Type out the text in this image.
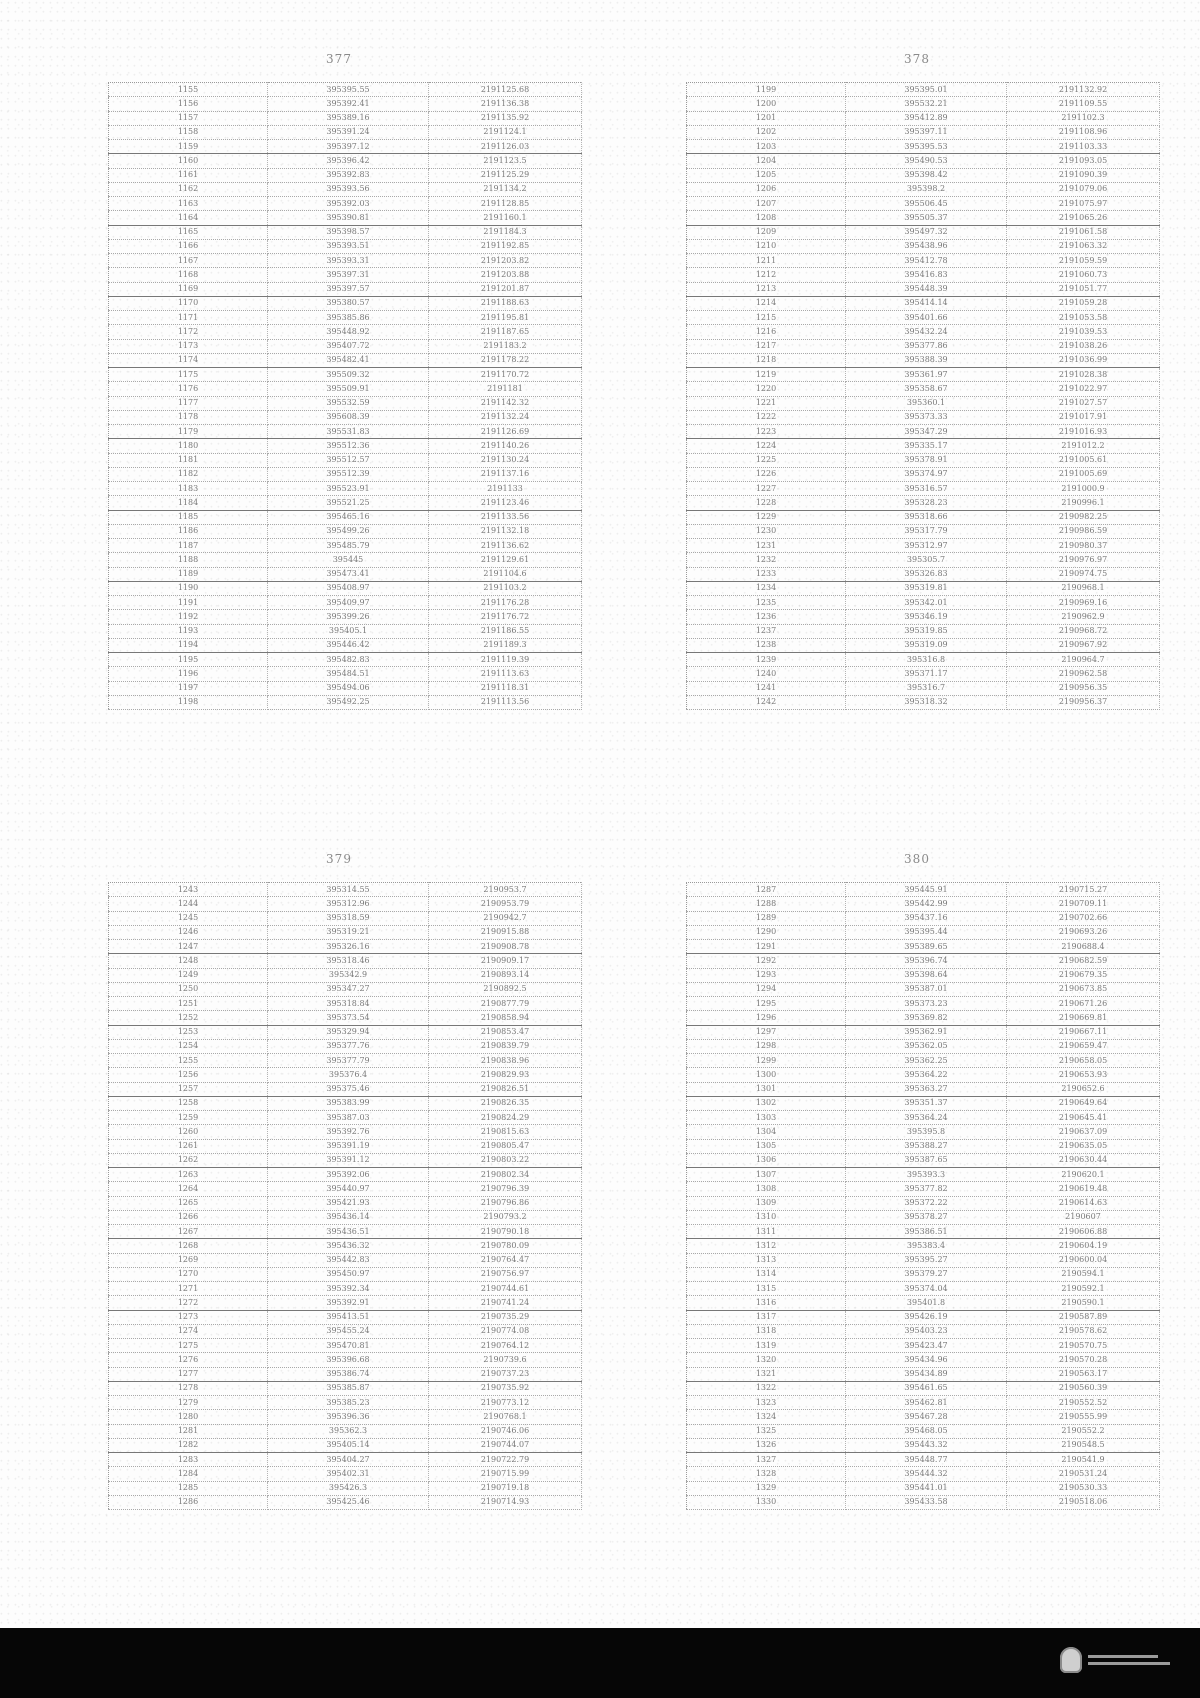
377
1155	395395.55	2191125.68
1156	395392.41	2191136.38
1157	395389.16	2191135.92
1158	395391.24	2191124.1
1159	395397.12	2191126.03
1160	395396.42	2191123.5
1161	395392.83	2191125.29
1162	395393.56	2191134.2
1163	395392.03	2191128.85
1164	395390.81	2191160.1
1165	395398.57	2191184.3
1166	395393.51	2191192.85
1167	395393.31	2191203.82
1168	395397.31	2191203.88
1169	395397.57	2191201.87
1170	395380.57	2191188.63
1171	395385.86	2191195.81
1172	395448.92	2191187.65
1173	395407.72	2191183.2
1174	395482.41	2191178.22
1175	395509.32	2191170.72
1176	395509.91	2191181
1177	395532.59	2191142.32
1178	395608.39	2191132.24
1179	395531.83	2191126.69
1180	395512.36	2191140.26
1181	395512.57	2191130.24
1182	395512.39	2191137.16
1183	395523.91	2191133
1184	395521.25	2191123.46
1185	395465.16	2191133.56
1186	395499.26	2191132.18
1187	395485.79	2191136.62
1188	395445	2191129.61
1189	395473.41	2191104.6
1190	395408.97	2191103.2
1191	395409.97	2191176.28
1192	395399.26	2191176.72
1193	395405.1	2191186.55
1194	395446.42	2191189.3
1195	395482.83	2191119.39
1196	395484.51	2191113.63
1197	395494.06	2191118.31
1198	395492.25	2191113.56
378
1199	395395.01	2191132.92
1200	395532.21	2191109.55
1201	395412.89	2191102.3
1202	395397.11	2191108.96
1203	395395.53	2191103.33
1204	395490.53	2191093.05
1205	395398.42	2191090.39
1206	395398.2	2191079.06
1207	395506.45	2191075.97
1208	395505.37	2191065.26
1209	395497.32	2191061.58
1210	395438.96	2191063.32
1211	395412.78	2191059.59
1212	395416.83	2191060.73
1213	395448.39	2191051.77
1214	395414.14	2191059.28
1215	395401.66	2191053.58
1216	395432.24	2191039.53
1217	395377.86	2191038.26
1218	395388.39	2191036.99
1219	395361.97	2191028.38
1220	395358.67	2191022.97
1221	395360.1	2191027.57
1222	395373.33	2191017.91
1223	395347.29	2191016.93
1224	395335.17	2191012.2
1225	395378.91	2191005.61
1226	395374.97	2191005.69
1227	395316.57	2191000.9
1228	395328.23	2190996.1
1229	395318.66	2190982.25
1230	395317.79	2190986.59
1231	395312.97	2190980.37
1232	395305.7	2190976.97
1233	395326.83	2190974.75
1234	395319.81	2190968.1
1235	395342.01	2190969.16
1236	395346.19	2190962.9
1237	395319.85	2190968.72
1238	395319.09	2190967.92
1239	395316.8	2190964.7
1240	395371.17	2190962.58
1241	395316.7	2190956.35
1242	395318.32	2190956.37
379
1243	395314.55	2190953.7
1244	395312.96	2190953.79
1245	395318.59	2190942.7
1246	395319.21	2190915.88
1247	395326.16	2190908.78
1248	395318.46	2190909.17
1249	395342.9	2190893.14
1250	395347.27	2190892.5
1251	395318.84	2190877.79
1252	395373.54	2190858.94
1253	395329.94	2190853.47
1254	395377.76	2190839.79
1255	395377.79	2190838.96
1256	395376.4	2190829.93
1257	395375.46	2190826.51
1258	395383.99	2190826.35
1259	395387.03	2190824.29
1260	395392.76	2190815.63
1261	395391.19	2190805.47
1262	395391.12	2190803.22
1263	395392.06	2190802.34
1264	395440.97	2190796.39
1265	395421.93	2190796.86
1266	395436.14	2190793.2
1267	395436.51	2190790.18
1268	395436.32	2190780.09
1269	395442.83	2190764.47
1270	395450.97	2190756.97
1271	395392.34	2190744.61
1272	395392.91	2190741.24
1273	395413.51	2190735.29
1274	395455.24	2190774.08
1275	395470.81	2190764.12
1276	395396.68	2190739.6
1277	395386.74	2190737.23
1278	395385.87	2190735.92
1279	395385.23	2190773.12
1280	395396.36	2190768.1
1281	395362.3	2190746.06
1282	395405.14	2190744.07
1283	395404.27	2190722.79
1284	395402.31	2190715.99
1285	395426.3	2190719.18
1286	395425.46	2190714.93
380
1287	395445.91	2190715.27
1288	395442.99	2190709.11
1289	395437.16	2190702.66
1290	395395.44	2190693.26
1291	395389.65	2190688.4
1292	395396.74	2190682.59
1293	395398.64	2190679.35
1294	395387.01	2190673.85
1295	395373.23	2190671.26
1296	395369.82	2190669.81
1297	395362.91	2190667.11
1298	395362.05	2190659.47
1299	395362.25	2190658.05
1300	395364.22	2190653.93
1301	395363.27	2190652.6
1302	395351.37	2190649.64
1303	395364.24	2190645.41
1304	395395.8	2190637.09
1305	395388.27	2190635.05
1306	395387.65	2190630.44
1307	395393.3	2190620.1
1308	395377.82	2190619.48
1309	395372.22	2190614.63
1310	395378.27	2190607
1311	395386.51	2190606.88
1312	395383.4	2190604.19
1313	395395.27	2190600.04
1314	395379.27	2190594.1
1315	395374.04	2190592.1
1316	395401.8	2190590.1
1317	395426.19	2190587.89
1318	395403.23	2190578.62
1319	395423.47	2190570.75
1320	395434.96	2190570.28
1321	395434.89	2190563.17
1322	395461.65	2190560.39
1323	395462.81	2190552.52
1324	395467.28	2190555.99
1325	395468.05	2190552.2
1326	395443.32	2190548.5
1327	395448.77	2190541.9
1328	395444.32	2190531.24
1329	395441.01	2190530.33
1330	395433.58	2190518.06
